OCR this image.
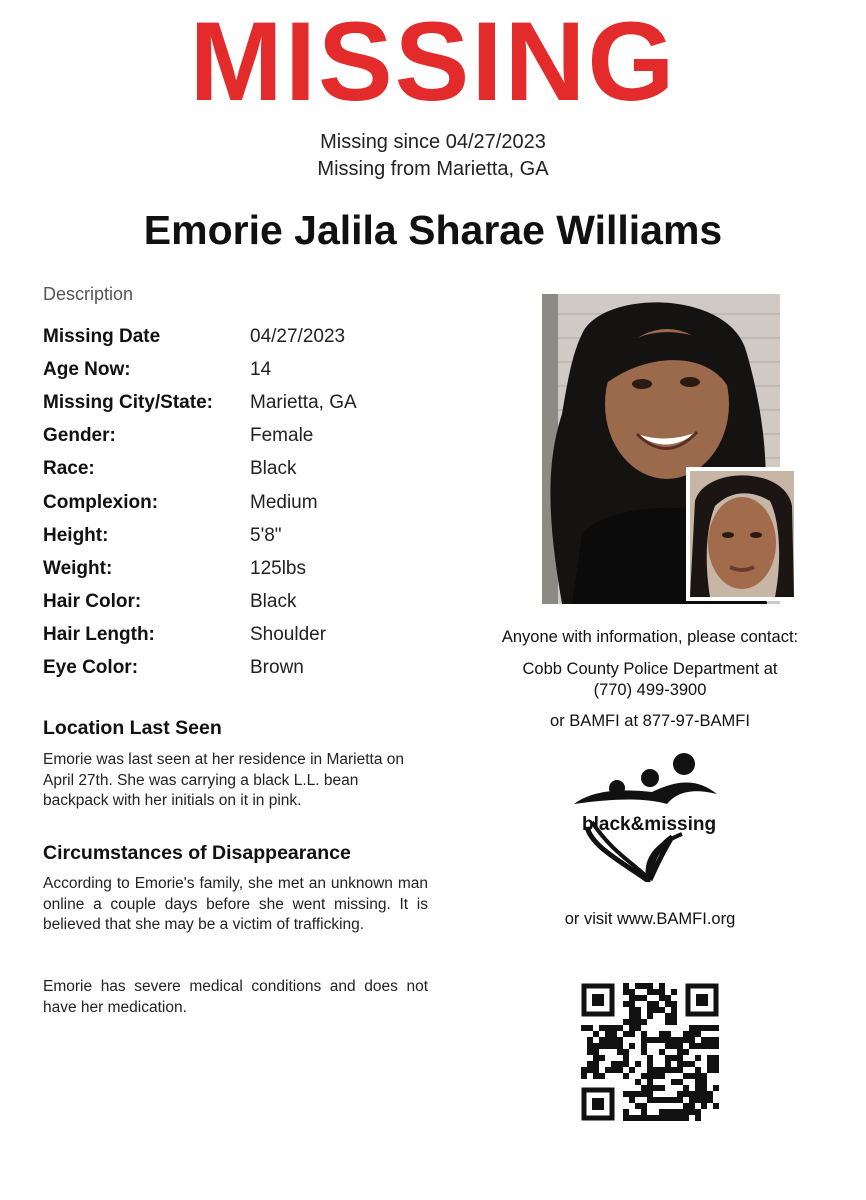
MISSING
Missing since 04/27/2023
Missing from Marietta, GA
Emorie Jalila Sharae Williams
Description
Missing Date	04/27/2023
Age Now:	14
Missing City/State:	Marietta, GA
Gender:	Female
Race:	Black
Complexion:	Medium
Height:	5'8"
Weight:	125lbs
Hair Color:	Black
Hair Length:	Shoulder
Eye Color:	Brown
Location Last Seen
Emorie was last seen at her residence in Marietta on April 27th. She was carrying a black L.L. bean backpack with her initials on it in pink.
Circumstances of Disappearance
According to Emorie's family, she met an unknown man online a couple days before she went missing. It is believed that she may be a victim of trafficking.
Emorie has severe medical conditions and does not have her medication.
Anyone with information, please contact:
Cobb County Police Department at
(770) 499-3900
or BAMFI at 877-97-BAMFI
black&missing
or visit www.BAMFI.org
